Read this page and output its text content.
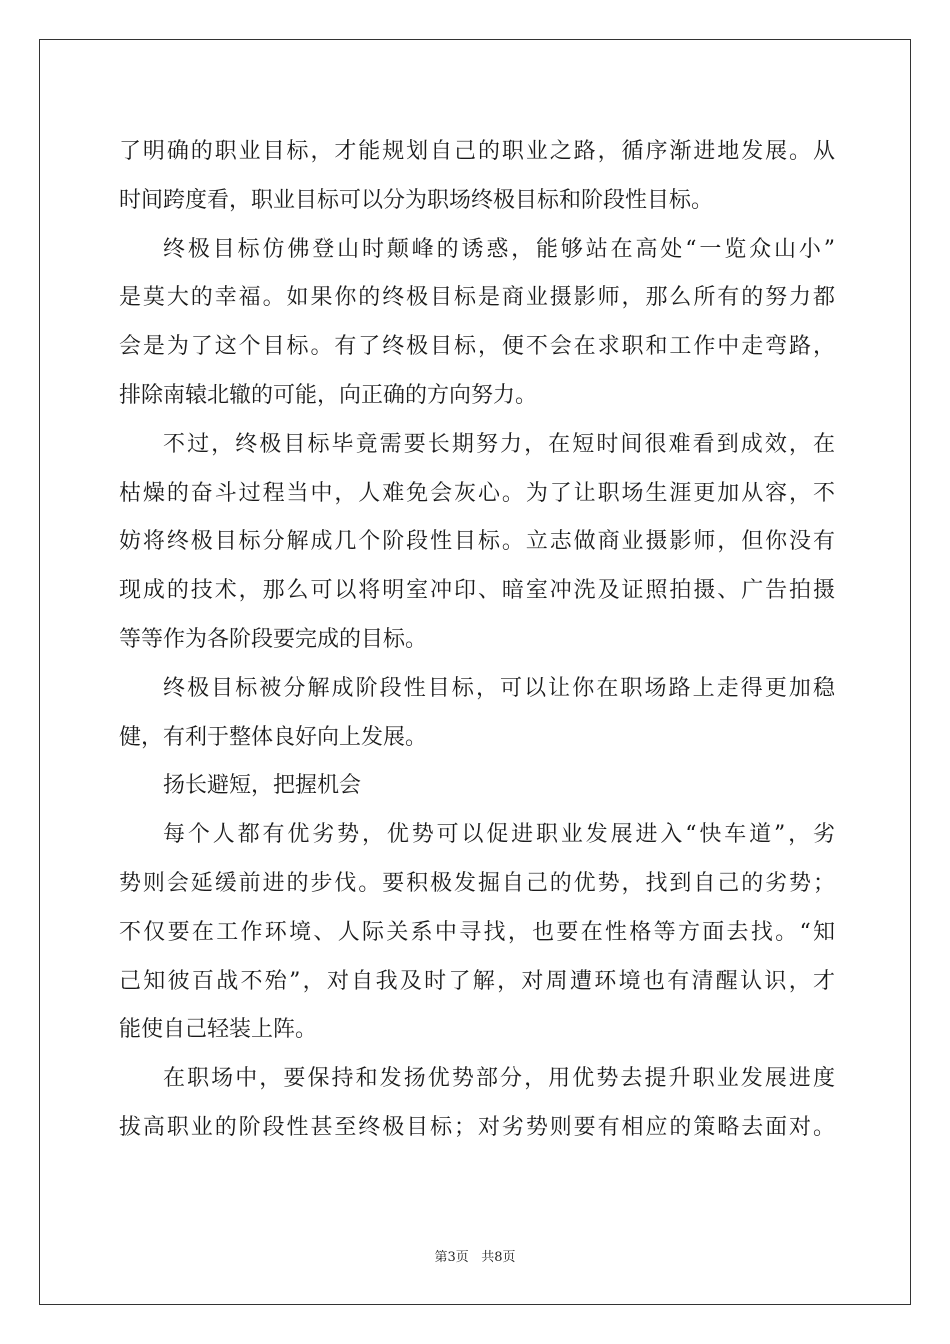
了明确的职业目标，才能规划自己的职业之路，循序渐进地发展。从
时间跨度看，职业目标可以分为职场终极目标和阶段性目标。
终极目标仿佛登山时颠峰的诱惑，能够站在高处“一览众山小”
是莫大的幸福。如果你的终极目标是商业摄影师，那么所有的努力都
会是为了这个目标。有了终极目标，便不会在求职和工作中走弯路，
排除南辕北辙的可能，向正确的方向努力。
不过，终极目标毕竟需要长期努力，在短时间很难看到成效，在
枯燥的奋斗过程当中，人难免会灰心。为了让职场生涯更加从容，不
妨将终极目标分解成几个阶段性目标。立志做商业摄影师，但你没有
现成的技术，那么可以将明室冲印、暗室冲洗及证照拍摄、广告拍摄
等等作为各阶段要完成的目标。
终极目标被分解成阶段性目标，可以让你在职场路上走得更加稳
健，有利于整体良好向上发展。
扬长避短，把握机会
每个人都有优劣势，优势可以促进职业发展进入“快车道”，劣
势则会延缓前进的步伐。要积极发掘自己的优势，找到自己的劣势；
不仅要在工作环境、人际关系中寻找，也要在性格等方面去找。“知
己知彼百战不殆”，对自我及时了解，对周遭环境也有清醒认识，才
能使自己轻装上阵。
在职场中，要保持和发扬优势部分，用优势去提升职业发展进度
拔高职业的阶段性甚至终极目标；对劣势则要有相应的策略去面对。
第3页 共8页
